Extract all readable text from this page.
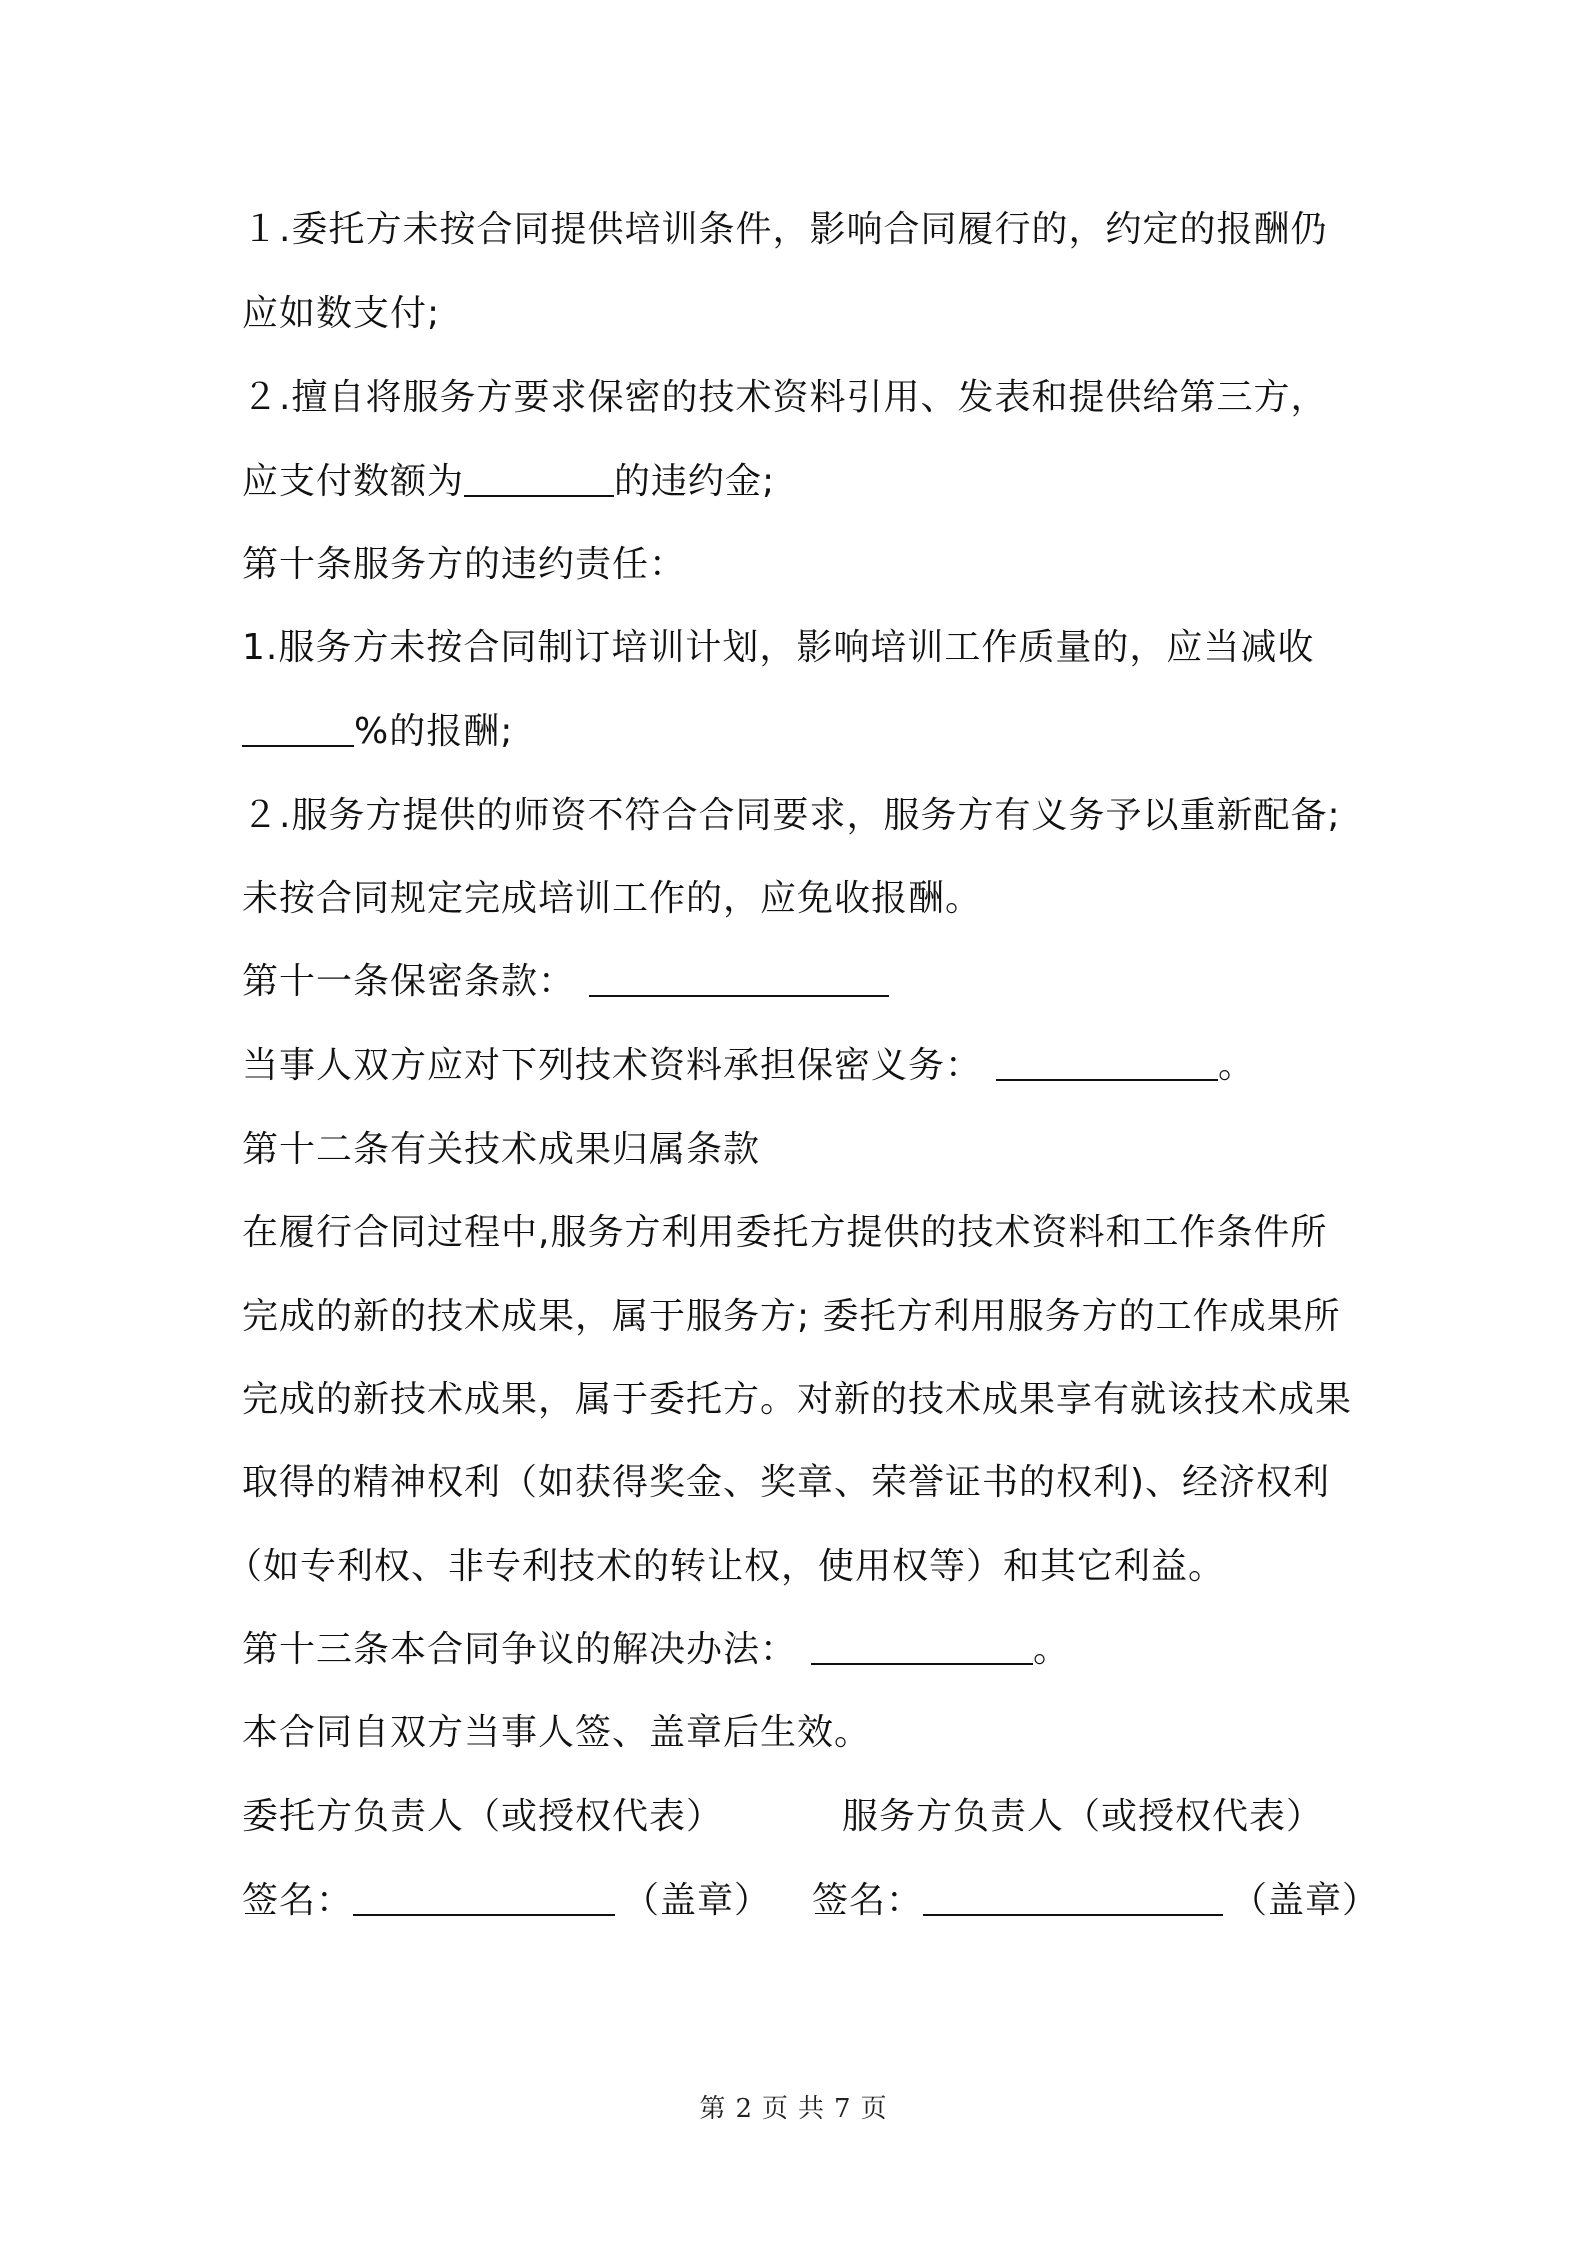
１.委托方未按合同提供培训条件，影响合同履行的，约定的报酬仍
应如数支付;
２.擅自将服务方要求保密的技术资料引用、发表和提供给第三方，
应支付数额为	的违约金;
第十条服务方的违约责任：
1.服务方未按合同制订培训计划，影响培训工作质量的，应当减收
%的报酬;
２.服务方提供的师资不符合合同要求，服务方有义务予以重新配备;
未按合同规定完成培训工作的，应免收报酬。
第十一条保密条款：
当事人双方应对下列技术资料承担保密义务：	。
第十二条有关技术成果归属条款
在履行合同过程中,服务方利用委托方提供的技术资料和工作条件所
完成的新的技术成果，属于服务方; 委托方利用服务方的工作成果所
完成的新技术成果，属于委托方。对新的技术成果享有就该技术成果
取得的精神权利（如获得奖金、奖章、荣誉证书的权利)、经济权利
（如专利权、非专利技术的转让权，使用权等）和其它利益。
第十三条本合同争议的解决办法：	。
本合同自双方当事人签、盖章后生效。
委托方负责人（或授权代表）	服务方负责人（或授权代表）
签名：	（盖章） 签名：	（盖章）
第 2 页 共 7 页
